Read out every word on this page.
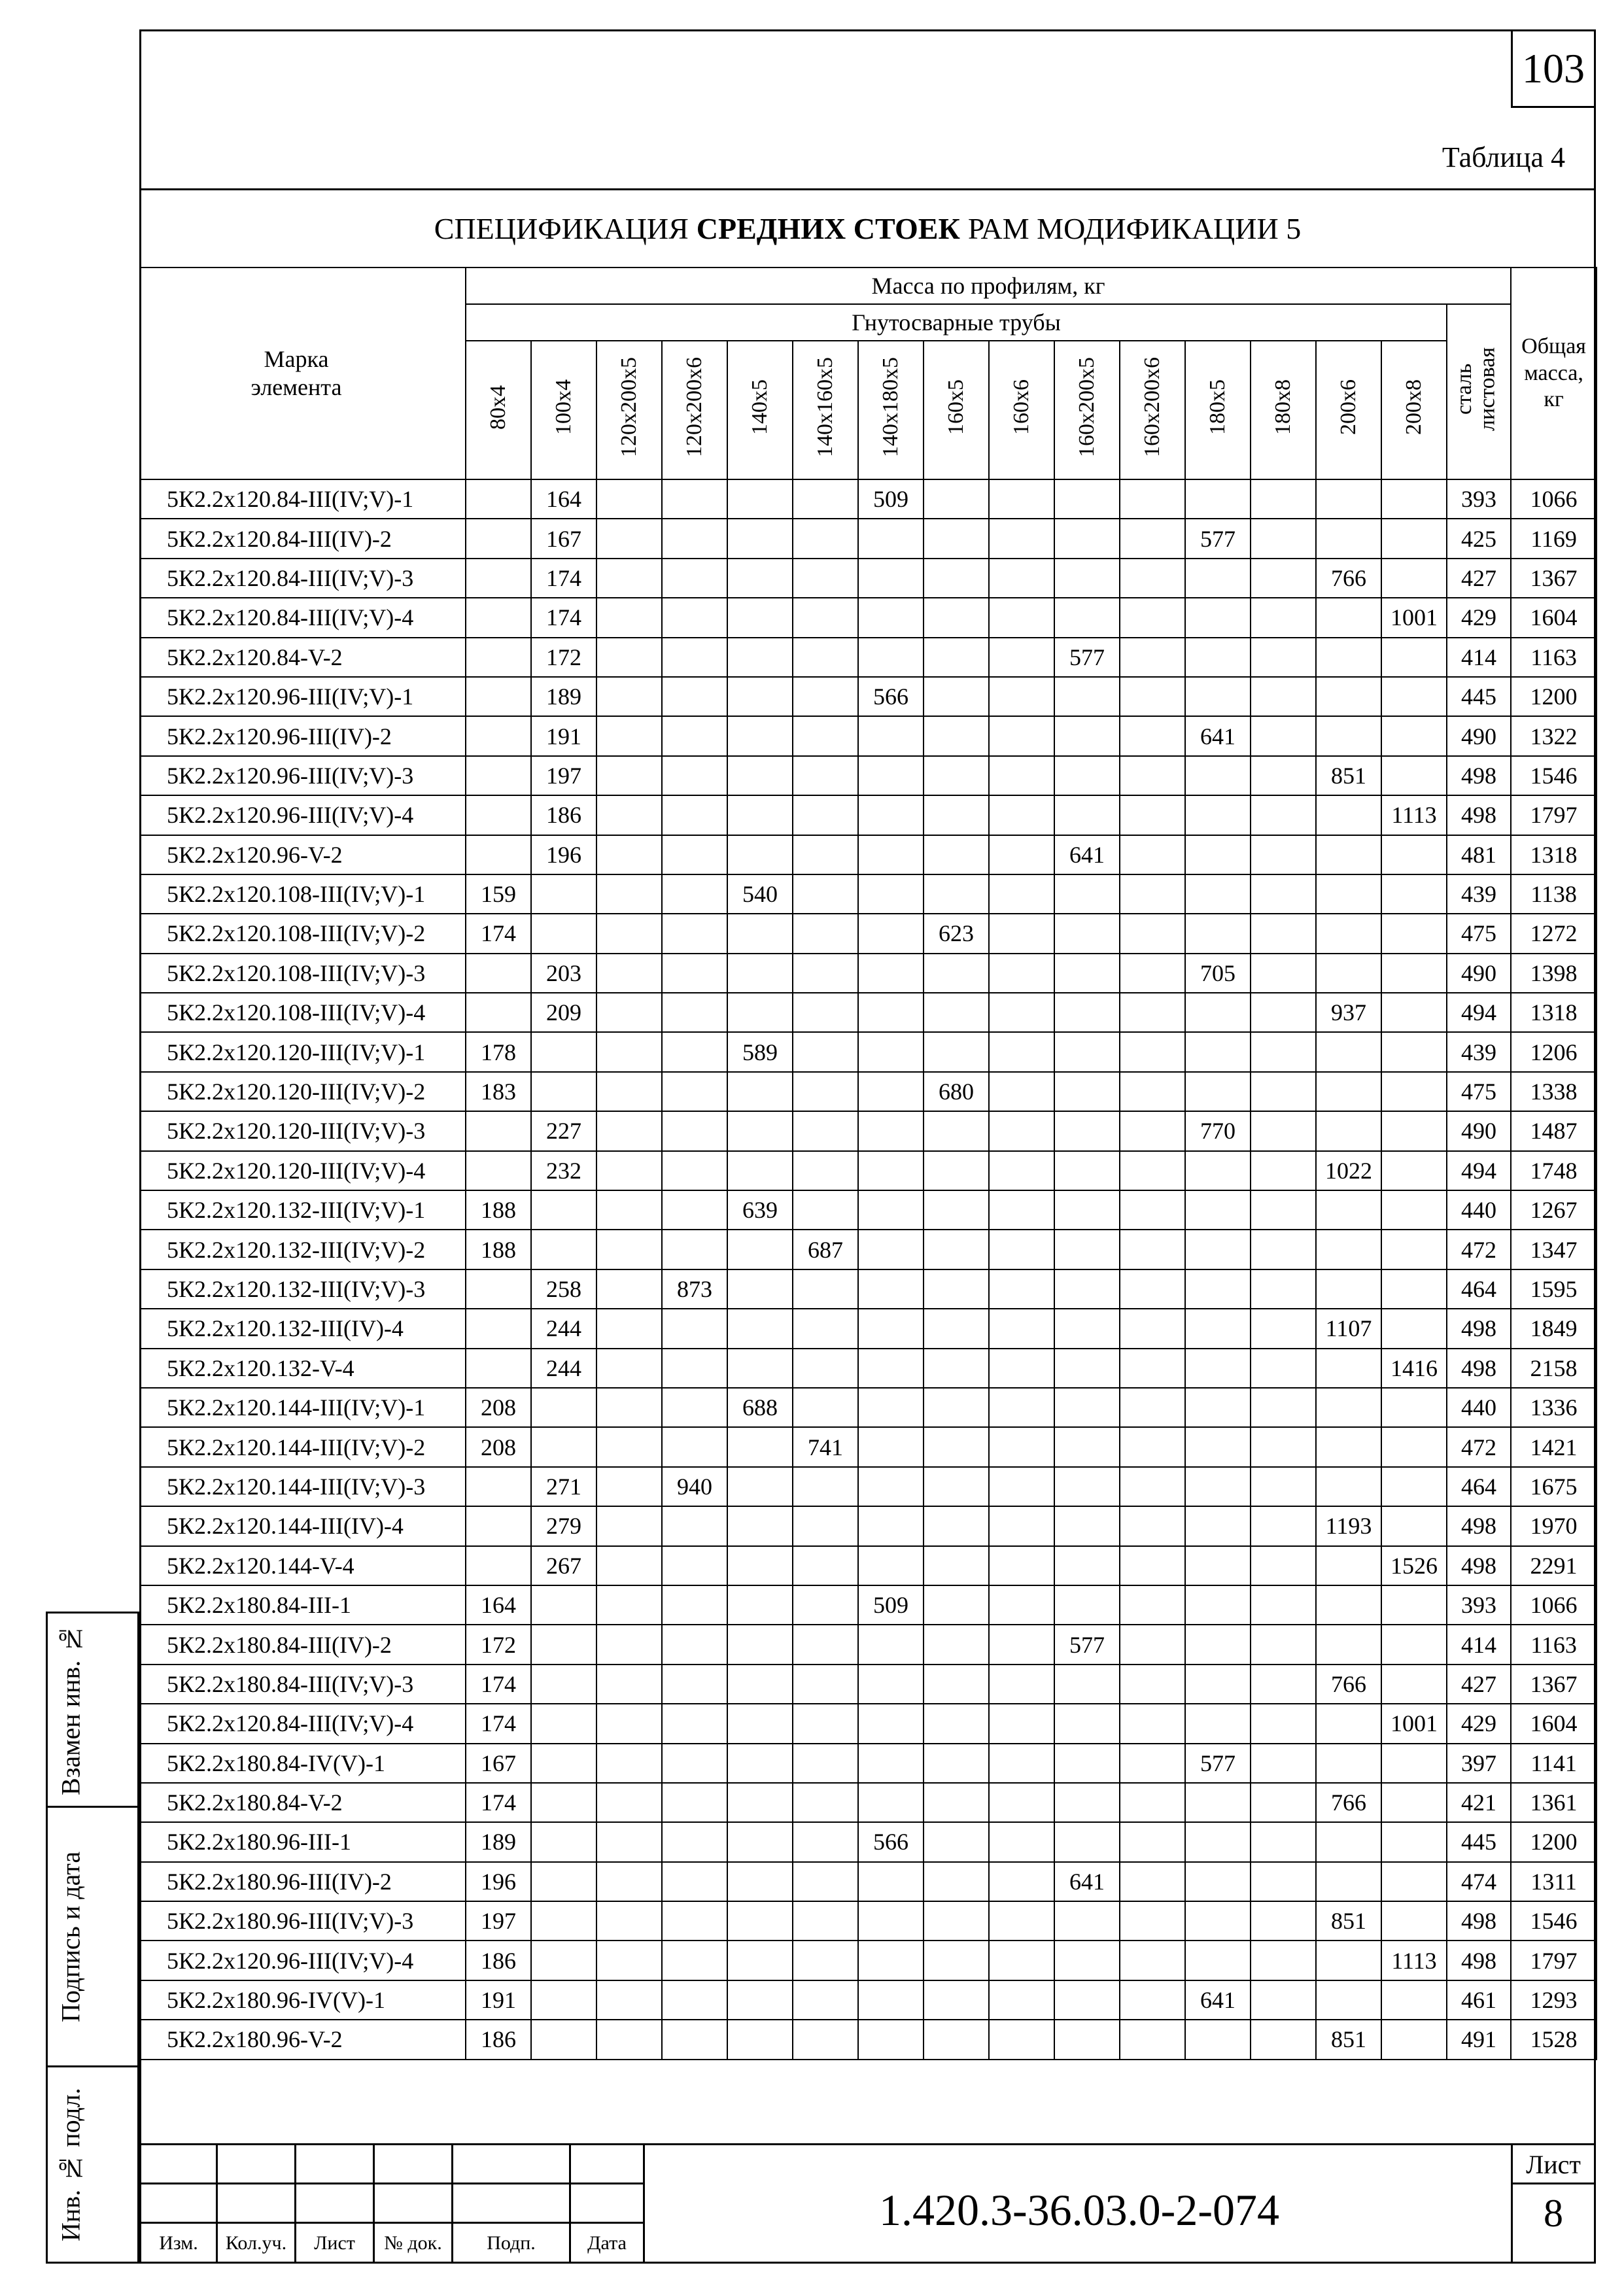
103
Таблица 4
СПЕЦИФИКАЦИЯ СРЕДНИХ СТОЕК РАМ МОДИФИКАЦИИ 5
Марка элемента	Масса по профилям, кг																Общая масса, кг
	Гнутосварные трубы															сталь листовая	
	80x4	100x4	120x200x5	120x200x6	140x5	140x160x5	140x180x5	160x5	160x6	160x200x5	160x200x6	180x5	180x8	200x6	200x8		
5К2.2х120.84-III(IV;V)-1		164					509									393	1066
5К2.2х120.84-III(IV)-2		167										577				425	1169
5К2.2х120.84-III(IV;V)-3		174												766		427	1367
5К2.2х120.84-III(IV;V)-4		174													1001	429	1604
5К2.2х120.84-V-2		172								577						414	1163
5К2.2х120.96-III(IV;V)-1		189					566									445	1200
5К2.2х120.96-III(IV)-2		191										641				490	1322
5К2.2х120.96-III(IV;V)-3		197												851		498	1546
5К2.2х120.96-III(IV;V)-4		186													1113	498	1797
5К2.2х120.96-V-2		196								641						481	1318
5К2.2х120.108-III(IV;V)-1	159				540											439	1138
5К2.2х120.108-III(IV;V)-2	174							623								475	1272
5К2.2х120.108-III(IV;V)-3		203										705				490	1398
5К2.2х120.108-III(IV;V)-4		209												937		494	1318
5К2.2х120.120-III(IV;V)-1	178				589											439	1206
5К2.2х120.120-III(IV;V)-2	183							680								475	1338
5К2.2х120.120-III(IV;V)-3		227										770				490	1487
5К2.2х120.120-III(IV;V)-4		232												1022		494	1748
5К2.2х120.132-III(IV;V)-1	188				639											440	1267
5К2.2х120.132-III(IV;V)-2	188					687										472	1347
5К2.2х120.132-III(IV;V)-3		258		873												464	1595
5К2.2х120.132-III(IV)-4		244												1107		498	1849
5К2.2х120.132-V-4		244													1416	498	2158
5К2.2х120.144-III(IV;V)-1	208				688											440	1336
5К2.2х120.144-III(IV;V)-2	208					741										472	1421
5К2.2х120.144-III(IV;V)-3		271		940												464	1675
5К2.2х120.144-III(IV)-4		279												1193		498	1970
5К2.2х120.144-V-4		267													1526	498	2291
5К2.2х180.84-III-1	164						509									393	1066
5К2.2х180.84-III(IV)-2	172									577						414	1163
5К2.2х180.84-III(IV;V)-3	174													766		427	1367
5К2.2х120.84-III(IV;V)-4	174														1001	429	1604
5К2.2х180.84-IV(V)-1	167											577				397	1141
5К2.2х180.84-V-2	174													766		421	1361
5К2.2х180.96-III-1	189						566									445	1200
5К2.2х180.96-III(IV)-2	196									641						474	1311
5К2.2х180.96-III(IV;V)-3	197													851		498	1546
5К2.2х120.96-III(IV;V)-4	186														1113	498	1797
5К2.2х180.96-IV(V)-1	191											641				461	1293
5К2.2х180.96-V-2	186													851		491	1528
Взамен инв. №
Подпись и дата
Инв. № подл.
Изм.	Кол.уч.	Лист	№ док.	Подп.	Дата
1.420.3-36.03.0-2-074
Лист
8
